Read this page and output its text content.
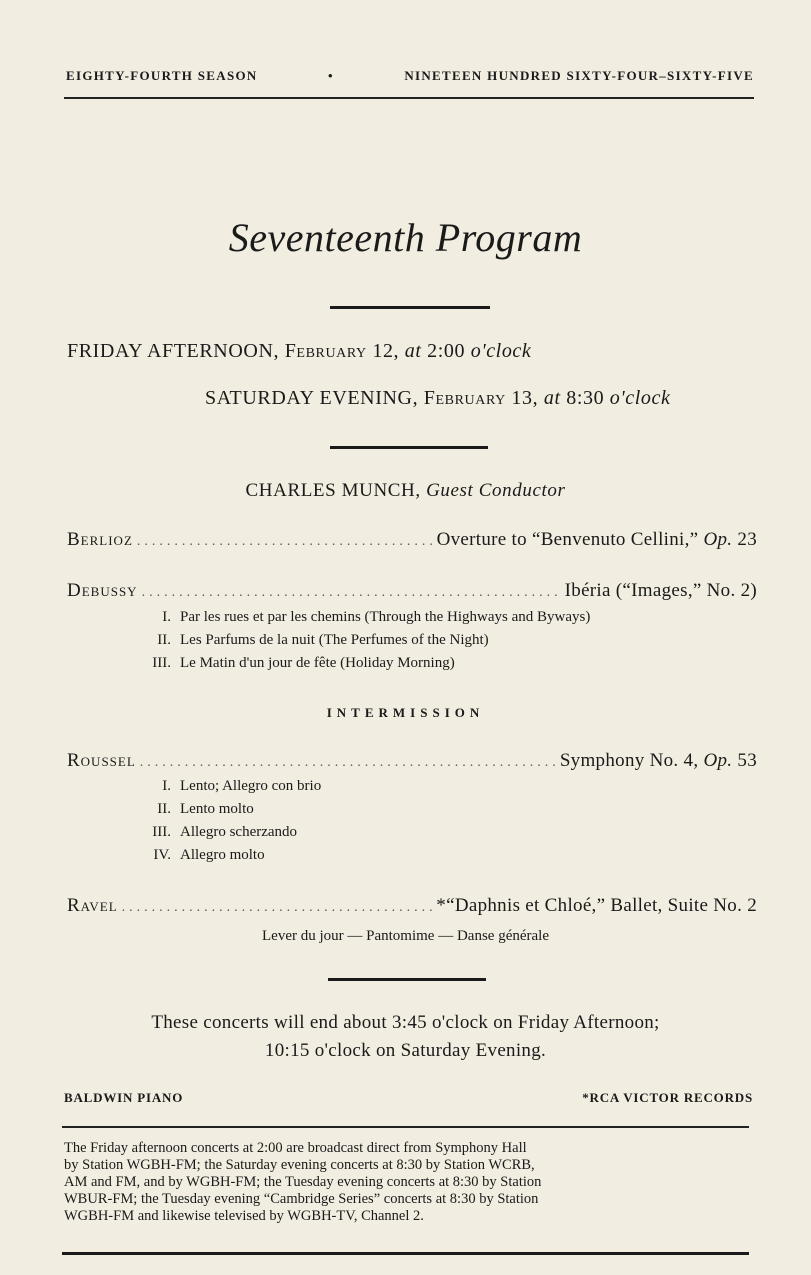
EIGHTY-FOURTH SEASON	•	NINETEEN HUNDRED SIXTY-FOUR–SIXTY-FIVE
Seventeenth Program
FRIDAY AFTERNOON, February 12, at 2:00 o'clock
SATURDAY EVENING, February 13, at 8:30 o'clock
CHARLES MUNCH, Guest Conductor
Berlioz .....	Overture to “Benvenuto Cellini,” Op. 23
Debussy .....	Ibéria (“Images,” No. 2)
I. Par les rues et par les chemins (Through the Highways and Byways)
II. Les Parfums de la nuit (The Perfumes of the Night)
III. Le Matin d'un jour de fête (Holiday Morning)
INTERMISSION
Roussel .....	Symphony No. 4, Op. 53
I. Lento; Allegro con brio
II. Lento molto
III. Allegro scherzando
IV. Allegro molto
Ravel .....	*“Daphnis et Chloé,” Ballet, Suite No. 2
Lever du jour — Pantomime — Danse générale
These concerts will end about 3:45 o'clock on Friday Afternoon;
10:15 o'clock on Saturday Evening.
BALDWIN PIANO	*RCA VICTOR RECORDS
The Friday afternoon concerts at 2:00 are broadcast direct from Symphony Hall
by Station WGBH-FM; the Saturday evening concerts at 8:30 by Station WCRB,
AM and FM, and by WGBH-FM; the Tuesday evening concerts at 8:30 by Station
WBUR-FM; the Tuesday evening “Cambridge Series” concerts at 8:30 by Station
WGBH-FM and likewise televised by WGBH-TV, Channel 2.
